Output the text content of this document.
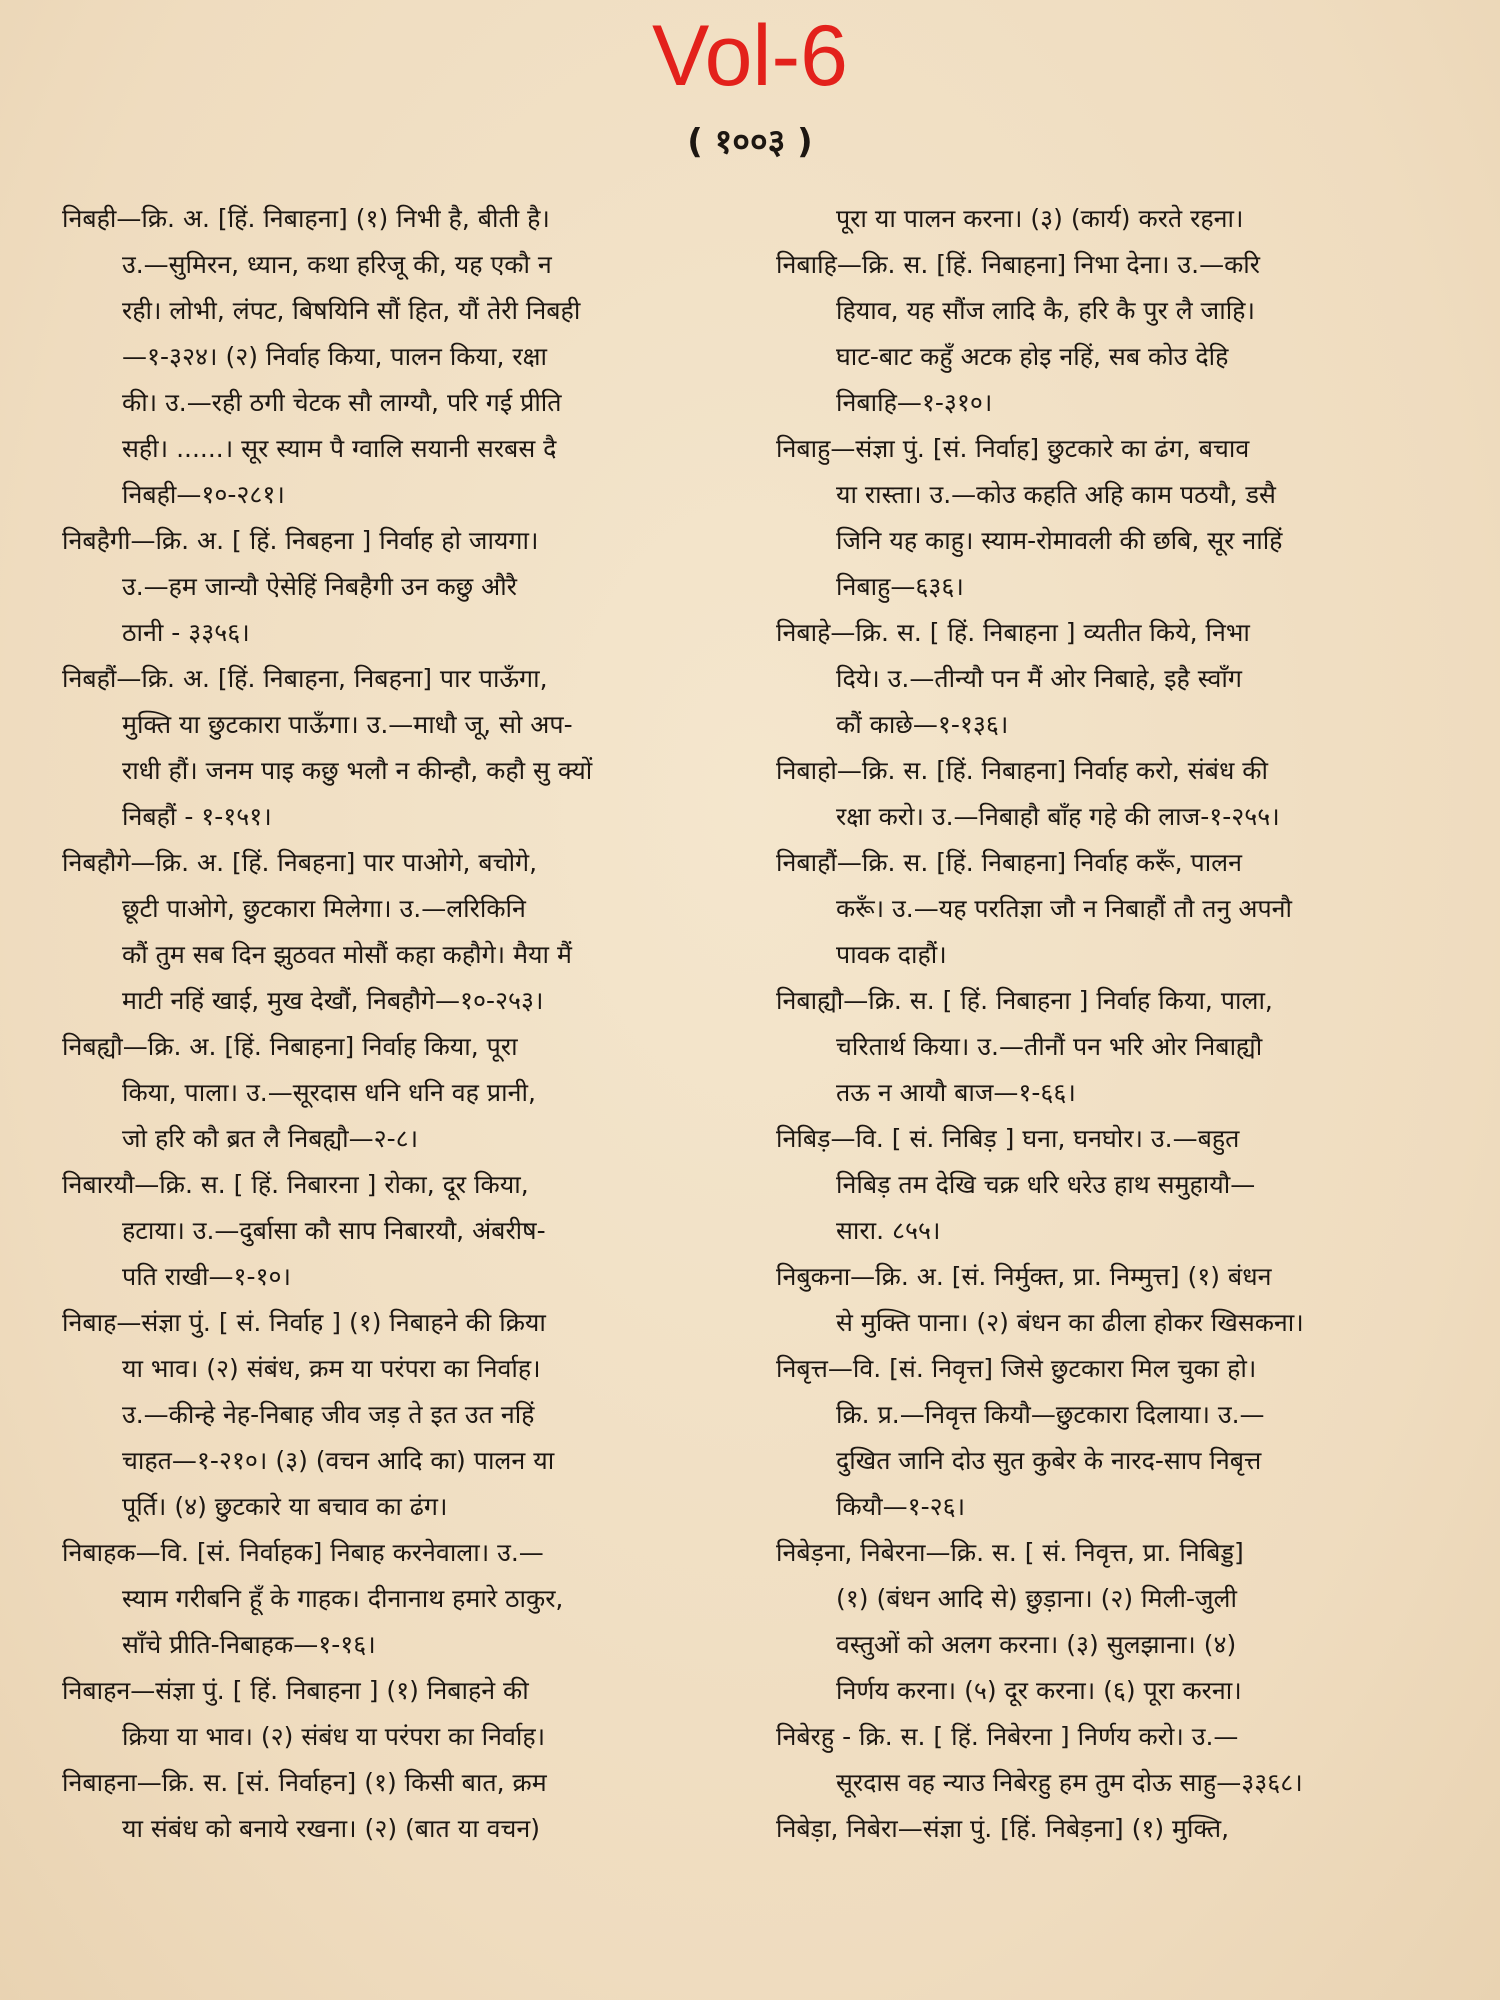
Vol-6
( १००३ )
निबही—क्रि. अ. [हिं. निबाहना] (१) निभी है, बीती है।
उ.—सुमिरन, ध्यान, कथा हरिजू की, यह एकौ न
रही। लोभी, लंपट, बिषयिनि सौं हित, यौं तेरी निबही
—१-३२४। (२) निर्वाह किया, पालन किया, रक्षा
की। उ.—रही ठगी चेटक सौ लाग्यौ, परि गई प्रीति
सही। ......। सूर स्याम पै ग्वालि सयानी सरबस दै
निबही—१०-२८१।
निबहैगी—क्रि. अ. [ हिं. निबहना ] निर्वाह हो जायगा।
उ.—हम जान्यौ ऐसेहिं निबहैगी उन कछु औरै
ठानी - ३३५६।
निबहौं—क्रि. अ. [हिं. निबाहना, निबहना] पार पाऊँगा,
मुक्ति या छुटकारा पाऊँगा। उ.—माधौ जू, सो अप-
राधी हौं। जनम पाइ कछु भलौ न कीन्हौ, कहौ सु क्यों
निबहौं - १-१५१।
निबहौगे—क्रि. अ. [हिं. निबहना] पार पाओगे, बचोगे,
छूटी पाओगे, छुटकारा मिलेगा। उ.—लरिकिनि
कौं तुम सब दिन झुठवत मोसौं कहा कहौगे। मैया मैं
माटी नहिं खाई, मुख देखौं, निबहौगे—१०-२५३।
निबह्यौ—क्रि. अ. [हिं. निबाहना] निर्वाह किया, पूरा
किया, पाला। उ.—सूरदास धनि धनि वह प्रानी,
जो हरि कौ ब्रत लै निबह्यौ—२-८।
निबारयौ—क्रि. स. [ हिं. निबारना ] रोका, दूर किया,
हटाया। उ.—दुर्बासा कौ साप निबारयौ, अंबरीष-
पति राखी—१-१०।
निबाह—संज्ञा पुं. [ सं. निर्वाह ] (१) निबाहने की क्रिया
या भाव। (२) संबंध, क्रम या परंपरा का निर्वाह।
उ.—कीन्हे नेह-निबाह जीव जड़ ते इत उत नहिं
चाहत—१-२१०। (३) (वचन आदि का) पालन या
पूर्ति। (४) छुटकारे या बचाव का ढंग।
निबाहक—वि. [सं. निर्वाहक] निबाह करनेवाला। उ.—
स्याम गरीबनि हूँ के गाहक। दीनानाथ हमारे ठाकुर,
साँचे प्रीति-निबाहक—१-१६।
निबाहन—संज्ञा पुं. [ हिं. निबाहना ] (१) निबाहने की
क्रिया या भाव। (२) संबंध या परंपरा का निर्वाह।
निबाहना—क्रि. स. [सं. निर्वाहन] (१) किसी बात, क्रम
या संबंध को बनाये रखना। (२) (बात या वचन)
पूरा या पालन करना। (३) (कार्य) करते रहना।
निबाहि—क्रि. स. [हिं. निबाहना] निभा देना। उ.—करि
हियाव, यह सौंज लादि कै, हरि कै पुर लै जाहि।
घाट-बाट कहुँ अटक होइ नहिं, सब कोउ देहि
निबाहि—१-३१०।
निबाहु—संज्ञा पुं. [सं. निर्वाह] छुटकारे का ढंग, बचाव
या रास्ता। उ.—कोउ कहति अहि काम पठयौ, डसै
जिनि यह काहु। स्याम-रोमावली की छबि, सूर नाहिं
निबाहु—६३६।
निबाहे—क्रि. स. [ हिं. निबाहना ] व्यतीत किये, निभा
दिये। उ.—तीन्यौ पन मैं ओर निबाहे, इहै स्वाँग
कौं काछे—१-१३६।
निबाहो—क्रि. स. [हिं. निबाहना] निर्वाह करो, संबंध की
रक्षा करो। उ.—निबाहौ बाँह गहे की लाज-१-२५५।
निबाहौं—क्रि. स. [हिं. निबाहना] निर्वाह करूँ, पालन
करूँ। उ.—यह परतिज्ञा जौ न निबाहौं तौ तनु अपनौ
पावक दाहौं।
निबाह्यौ—क्रि. स. [ हिं. निबाहना ] निर्वाह किया, पाला,
चरितार्थ किया। उ.—तीनौं पन भरि ओर निबाह्यौ
तऊ न आयौ बाज—१-६६।
निबिड़—वि. [ सं. निबिड़ ] घना, घनघोर। उ.—बहुत
निबिड़ तम देखि चक्र धरि धरेउ हाथ समुहायौ—
सारा. ८५५।
निबुकना—क्रि. अ. [सं. निर्मुक्त, प्रा. निम्मुत्त] (१) बंधन
से मुक्ति पाना। (२) बंधन का ढीला होकर खिसकना।
निबृत्त—वि. [सं. निवृत्त] जिसे छुटकारा मिल चुका हो।
क्रि. प्र.—निवृत्त कियौ—छुटकारा दिलाया। उ.—
दुखित जानि दोउ सुत कुबेर के नारद-साप निबृत्त
कियौ—१-२६।
निबेड़ना, निबेरना—क्रि. स. [ सं. निवृत्त, प्रा. निबिड्ड]
(१) (बंधन आदि से) छुड़ाना। (२) मिली-जुली
वस्तुओं को अलग करना। (३) सुलझाना। (४)
निर्णय करना। (५) दूर करना। (६) पूरा करना।
निबेरहु - क्रि. स. [ हिं. निबेरना ] निर्णय करो। उ.—
सूरदास वह न्याउ निबेरहु हम तुम दोऊ साहु—३३६८।
निबेड़ा, निबेरा—संज्ञा पुं. [हिं. निबेड़ना] (१) मुक्ति,
